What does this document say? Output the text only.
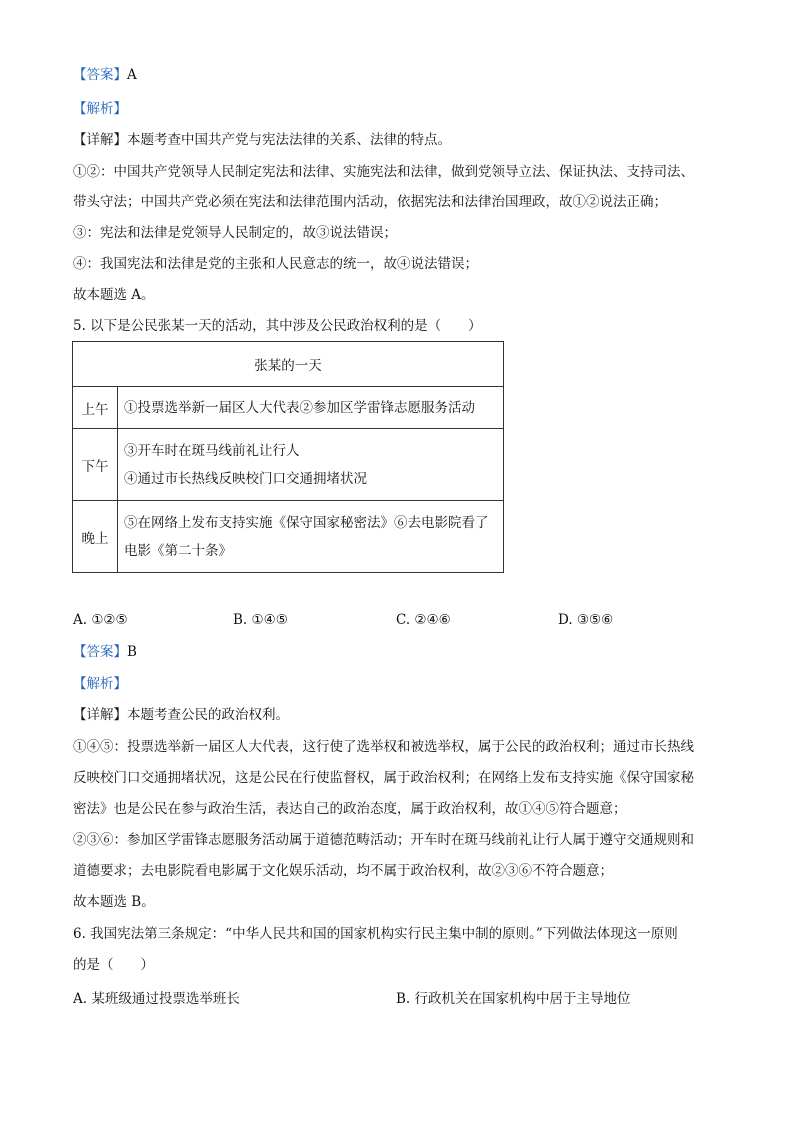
【答案】A
【解析】
【详解】本题考查中国共产党与宪法法律的关系、法律的特点。
①②：中国共产党领导人民制定宪法和法律、实施宪法和法律，做到党领导立法、保证执法、支持司法、
带头守法；中国共产党必须在宪法和法律范围内活动，依据宪法和法律治国理政，故①②说法正确；
③：宪法和法律是党领导人民制定的，故③说法错误；
④：我国宪法和法律是党的主张和人民意志的统一，故④说法错误；
故本题选 A。
5. 以下是公民张某一天的活动，其中涉及公民政治权利的是（　　）
张某的一天	
上午	①投票选举新一届区人大代表②参加区学雷锋志愿服务活动

下午	③开车时在斑马线前礼让行人
④通过市长热线反映校门口交通拥堵状况

晚上	⑤在网络上发布支持实施《保守国家秘密法》⑥去电影院看了
电影《第二十条》
A. ①②⑤	B. ①④⑤	C. ②④⑥	D. ③⑤⑥
【答案】B
【解析】
【详解】本题考查公民的政治权利。
①④⑤：投票选举新一届区人大代表，这行使了选举权和被选举权，属于公民的政治权利；通过市长热线
反映校门口交通拥堵状况，这是公民在行使监督权，属于政治权利；在网络上发布支持实施《保守国家秘
密法》也是公民在参与政治生活，表达自己的政治态度，属于政治权利，故①④⑤符合题意；
②③⑥：参加区学雷锋志愿服务活动属于道德范畴活动；开车时在斑马线前礼让行人属于遵守交通规则和
道德要求；去电影院看电影属于文化娱乐活动，均不属于政治权利，故②③⑥不符合题意；
故本题选 B。
6. 我国宪法第三条规定：“中华人民共和国的国家机构实行民主集中制的原则。”下列做法体现这一原则
的是（　　）
A. 某班级通过投票选举班长	B. 行政机关在国家机构中居于主导地位
